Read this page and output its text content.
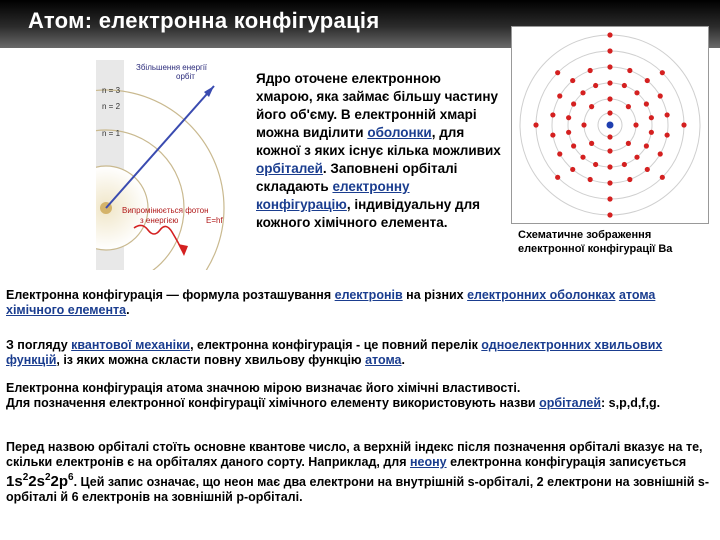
Атом: електронна конфігурація
Збільшення енергії
орбіт
n = 3
n = 2
n = 1
Випромінюється фотон
з енергією	E=hf
Ядро оточене електронною хмарою, яка займає більшу частину його об'єму. В електронній хмарі можна виділити оболонки, для кожної з яких існує кілька можливих орбіталей. Заповнені орбіталі складають електронну конфігурацію, індивідуальну для кожного хімічного елемента.
Схематичне зображення електронної конфігурації Ba
Електронна конфігурація — формула розташування електронів на різних електронних оболонках атома хімічного елемента.
З погляду квантової механіки, електронна конфігурація - це повний перелік одноелектронних хвильових функцій, із яких можна скласти повну хвильову функцію атома.
Електронна конфігурація атома значною мірою визначає його хімічні властивості.
Для позначення електронної конфігурації хімічного елементу використовують назви орбіталей: s,p,d,f,g.
Перед назвою орбіталі стоїть основне квантове число, а верхній індекс після позначення орбіталі вказує на те, скільки електронів є на орбіталях даного сорту. Наприклад, для неону електронна конфігурація записується $1s^22s^22p^6$. Цей запис означає, що неон має два електрони на внутрішній s-орбіталі, 2 електрони на зовнішній s-орбіталі й 6 електронів на зовнішній р-орбіталі.
